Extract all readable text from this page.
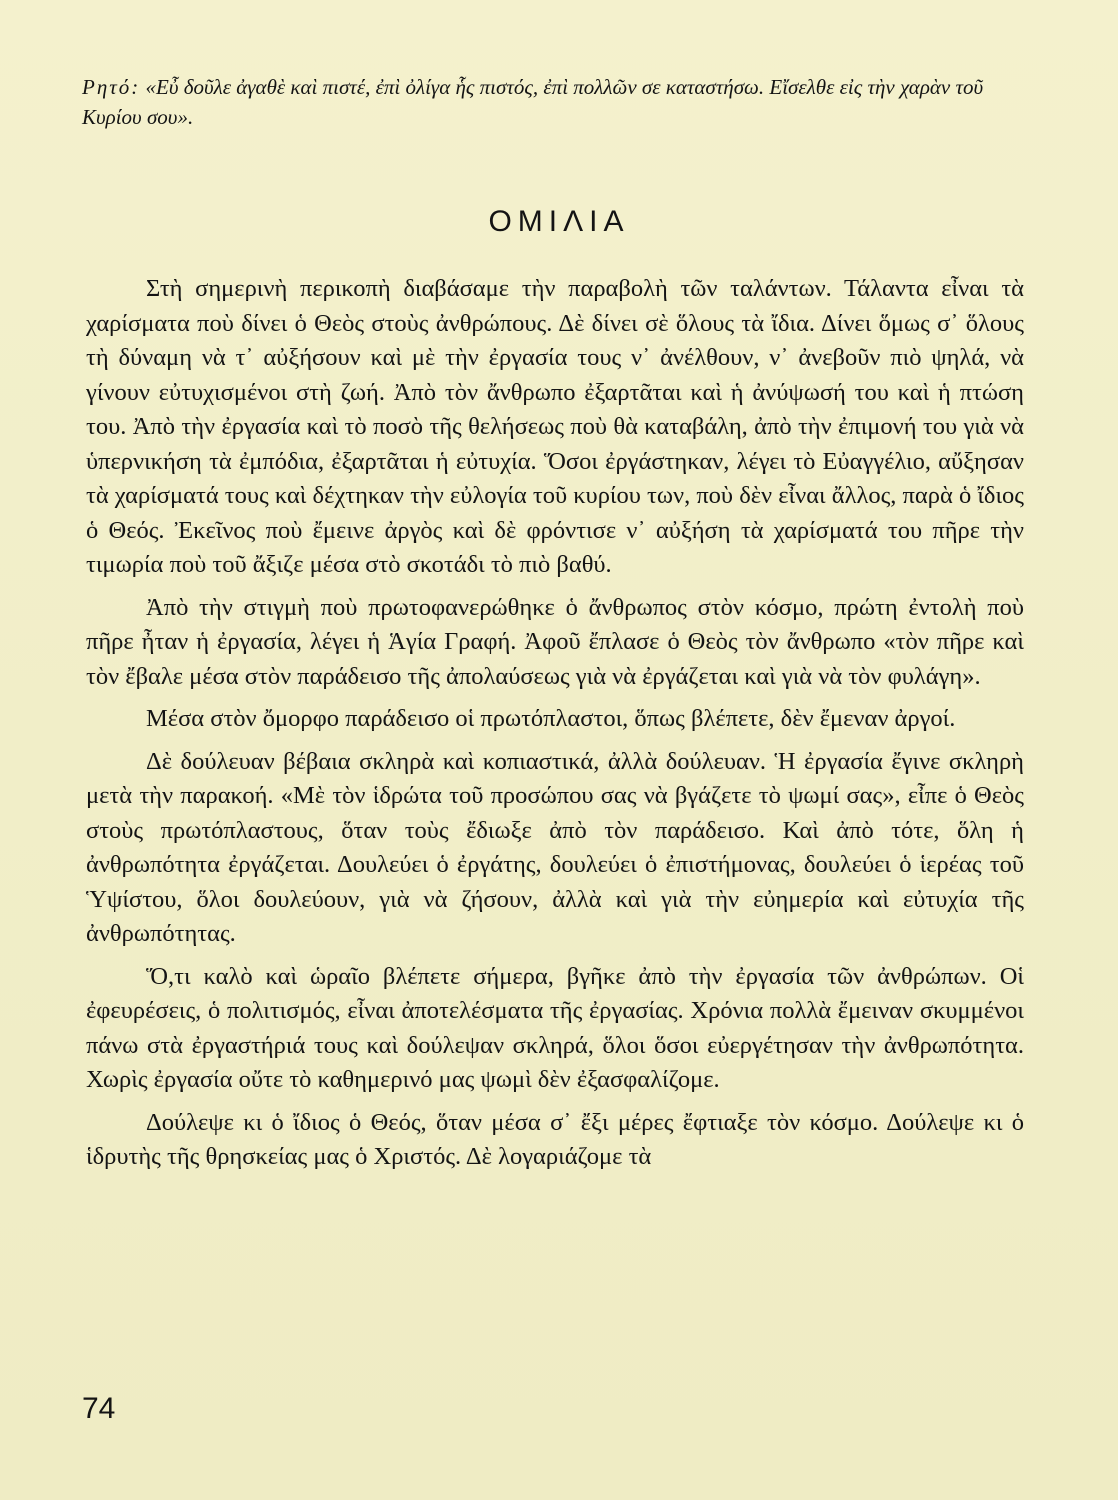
Ρητό: «Εὖ δοῦλε ἀγαθὲ καὶ πιστέ, ἐπὶ ὀλίγα ἧς πιστός, ἐπὶ πολλῶν σε καταστήσω. Εἴσελθε εἰς τὴν χαρὰν τοῦ Κυρίου σου».

ΟΜΙΛΙΑ

Στὴ σημερινὴ περικοπὴ διαβάσαμε τὴν παραβολὴ τῶν ταλάντων. Τάλαντα εἶναι τὰ χαρίσματα ποὺ δίνει ὁ Θεὸς στοὺς ἀνθρώπους. Δὲ δίνει σὲ ὅλους τὰ ἴδια. Δίνει ὅμως σ᾽ ὅλους τὴ δύναμη νὰ τ᾽ αὐξήσουν καὶ μὲ τὴν ἐργασία τους ν᾽ ἀνέλθουν, ν᾽ ἀνεβοῦν πιὸ ψηλά, νὰ γίνουν εὐτυχισμένοι στὴ ζωή. Ἀπὸ τὸν ἄνθρωπο ἐξαρτᾶται καὶ ἡ ἀνύψωσή του καὶ ἡ πτώση του. Ἀπὸ τὴν ἐργασία καὶ τὸ ποσὸ τῆς θελήσεως ποὺ θὰ καταβάλη, ἀπὸ τὴν ἐπιμονή του γιὰ νὰ ὑπερνικήση τὰ ἐμπόδια, ἐξαρτᾶται ἡ εὐτυχία. Ὅσοι ἐργάστηκαν, λέγει τὸ Εὐαγγέλιο, αὔξησαν τὰ χαρίσματά τους καὶ δέχτηκαν τὴν εὐλογία τοῦ κυρίου των, ποὺ δὲν εἶναι ἄλλος, παρὰ ὁ ἴδιος ὁ Θεός. Ἐκεῖνος ποὺ ἔμεινε ἀργὸς καὶ δὲ φρόντισε ν᾽ αὐξήση τὰ χαρίσματά του πῆρε τὴν τιμωρία ποὺ τοῦ ἄξιζε μέσα στὸ σκοτάδι τὸ πιὸ βαθύ.

Ἀπὸ τὴν στιγμὴ ποὺ πρωτοφανερώθηκε ὁ ἄνθρωπος στὸν κόσμο, πρώτη ἐντολὴ ποὺ πῆρε ἦταν ἡ ἐργασία, λέγει ἡ Ἁγία Γραφή. Ἀφοῦ ἔπλασε ὁ Θεὸς τὸν ἄνθρωπο «τὸν πῆρε καὶ τὸν ἔβαλε μέσα στὸν παράδεισο τῆς ἀπολαύσεως γιὰ νὰ ἐργάζεται καὶ γιὰ νὰ τὸν φυλάγη».

Μέσα στὸν ὄμορφο παράδεισο οἱ πρωτόπλαστοι, ὅπως βλέπετε, δὲν ἔμεναν ἀργοί.

Δὲ δούλευαν βέβαια σκληρὰ καὶ κοπιαστικά, ἀλλὰ δούλευαν. Ἡ ἐργασία ἔγινε σκληρὴ μετὰ τὴν παρακοή. «Μὲ τὸν ἱδρώτα τοῦ προσώπου σας νὰ βγάζετε τὸ ψωμί σας», εἶπε ὁ Θεὸς στοὺς πρωτόπλαστους, ὅταν τοὺς ἔδιωξε ἀπὸ τὸν παράδεισο. Καὶ ἀπὸ τότε, ὅλη ἡ ἀνθρωπότητα ἐργάζεται. Δουλεύει ὁ ἐργάτης, δουλεύει ὁ ἐπιστήμονας, δουλεύει ὁ ἱερέας τοῦ Ὑψίστου, ὅλοι δουλεύουν, γιὰ νὰ ζήσουν, ἀλλὰ καὶ γιὰ τὴν εὐημερία καὶ εὐτυχία τῆς ἀνθρωπότητας.

Ὅ,τι καλὸ καὶ ὡραῖο βλέπετε σήμερα, βγῆκε ἀπὸ τὴν ἐργασία τῶν ἀνθρώπων. Οἱ ἐφευρέσεις, ὁ πολιτισμός, εἶναι ἀποτελέσματα τῆς ἐργασίας. Χρόνια πολλὰ ἔμειναν σκυμμένοι πάνω στὰ ἐργαστήριά τους καὶ δούλεψαν σκληρά, ὅλοι ὅσοι εὐεργέτησαν τὴν ἀνθρωπότητα. Χωρὶς ἐργασία οὔτε τὸ καθημερινό μας ψωμὶ δὲν ἐξασφαλίζομε.

Δούλεψε κι ὁ ἴδιος ὁ Θεός, ὅταν μέσα σ᾽ ἔξι μέρες ἔφτιαξε τὸν κόσμο. Δούλεψε κι ὁ ἱδρυτὴς τῆς θρησκείας μας ὁ Χριστός. Δὲ λογαριάζομε τὰ

74
